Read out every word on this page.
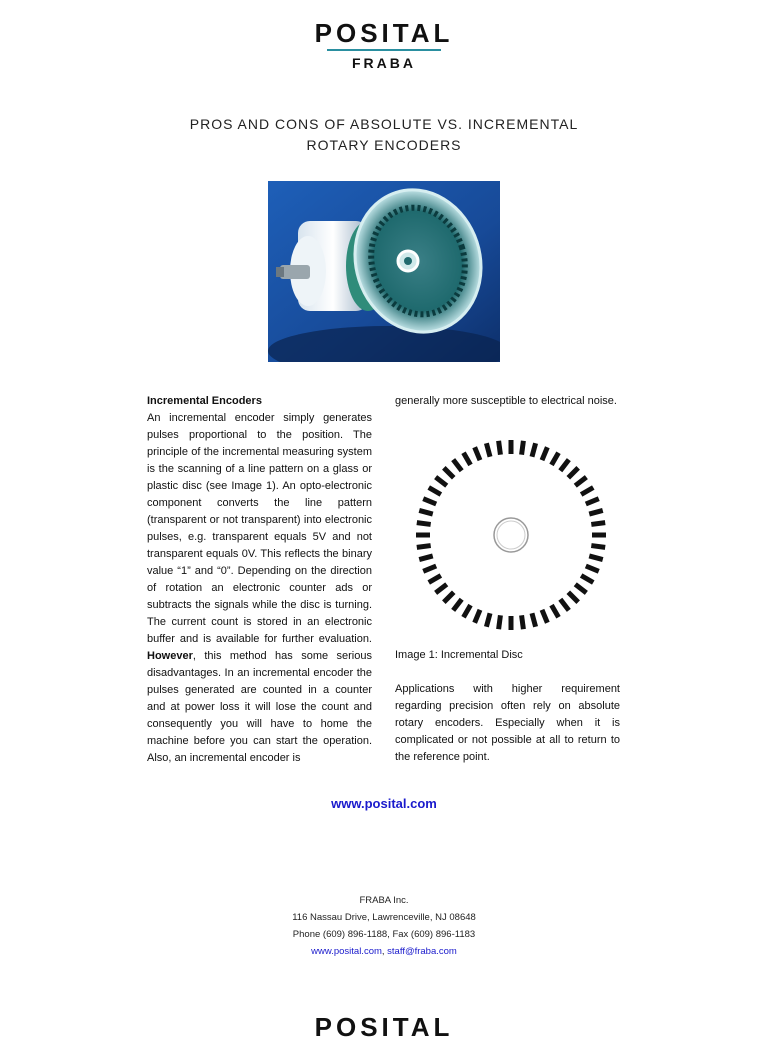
POSITAL
FRABA
PROS AND CONS OF ABSOLUTE VS. INCREMENTAL
ROTARY ENCODERS

Incremental Encoders

An incremental encoder simply generates pulses proportional to the position. The principle of the incremental measuring system is the scanning of a line pattern on a glass or plastic disc (see Image 1). An opto-electronic component converts the line pattern (transparent or not transparent) into electronic pulses, e.g. transparent equals 5V and not transparent equals 0V. This reflects the binary value “1” and “0”. Depending on the direction of rotation an electronic counter ads or subtracts the signals while the disc is turning. The current count is stored in an electronic buffer and is available for further evaluation. However, this method has some serious disadvantages. In an incremental encoder the pulses generated are counted in a counter and at power loss it will lose the count and consequently you will have to home the machine before you can start the operation. Also, an incremental encoder is

generally more susceptible to electrical noise.

Image 1: Incremental Disc
Applications with higher requirement regarding precision often rely on absolute rotary encoders. Especially when it is complicated or not possible at all to return to the reference point.
www.posital.com
FRABA Inc.
116 Nassau Drive, Lawrenceville, NJ 08648
Phone (609) 896-1188, Fax (609) 896-1183
www.posital.com, staff@fraba.com
POSITAL
